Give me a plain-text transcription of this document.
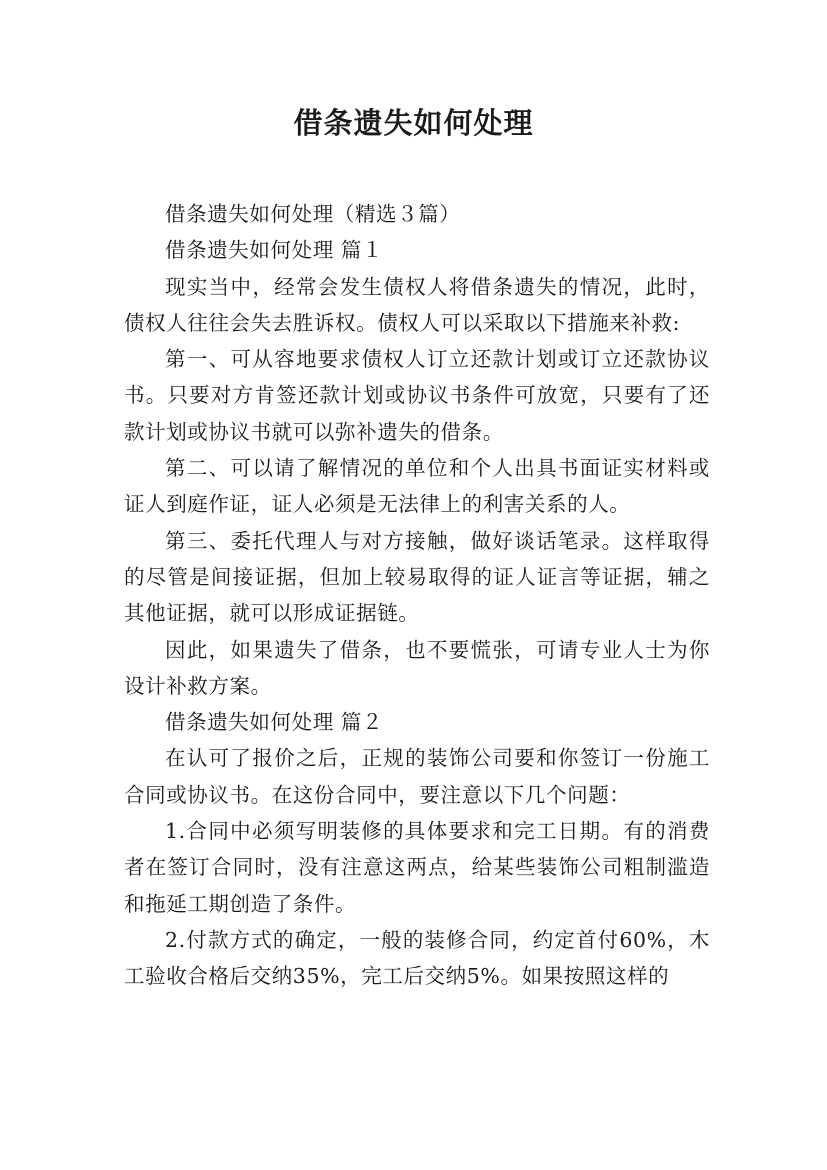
借条遗失如何处理

借条遗失如何处理（精选３篇）

借条遗失如何处理 篇１

现实当中，经常会发生债权人将借条遗失的情况，此时，债权人往往会失去胜诉权。债权人可以采取以下措施来补救:

第一、可从容地要求债权人订立还款计划或订立还款协议书。只要对方肯签还款计划或协议书条件可放宽，只要有了还款计划或协议书就可以弥补遗失的借条。

第二、可以请了解情况的单位和个人出具书面证实材料或证人到庭作证，证人必须是无法律上的利害关系的人。

第三、委托代理人与对方接触，做好谈话笔录。这样取得的尽管是间接证据，但加上较易取得的证人证言等证据，辅之其他证据，就可以形成证据链。

因此，如果遗失了借条，也不要慌张，可请专业人士为你设计补救方案。

借条遗失如何处理 篇２

在认可了报价之后，正规的装饰公司要和你签订一份施工合同或协议书。在这份合同中，要注意以下几个问题：

1.合同中必须写明装修的具体要求和完工日期。有的消费者在签订合同时，没有注意这两点，给某些装饰公司粗制滥造和拖延工期创造了条件。

2.付款方式的确定，一般的装修合同，约定首付60%，木工验收合格后交纳35%，完工后交纳5%。如果按照这样的
